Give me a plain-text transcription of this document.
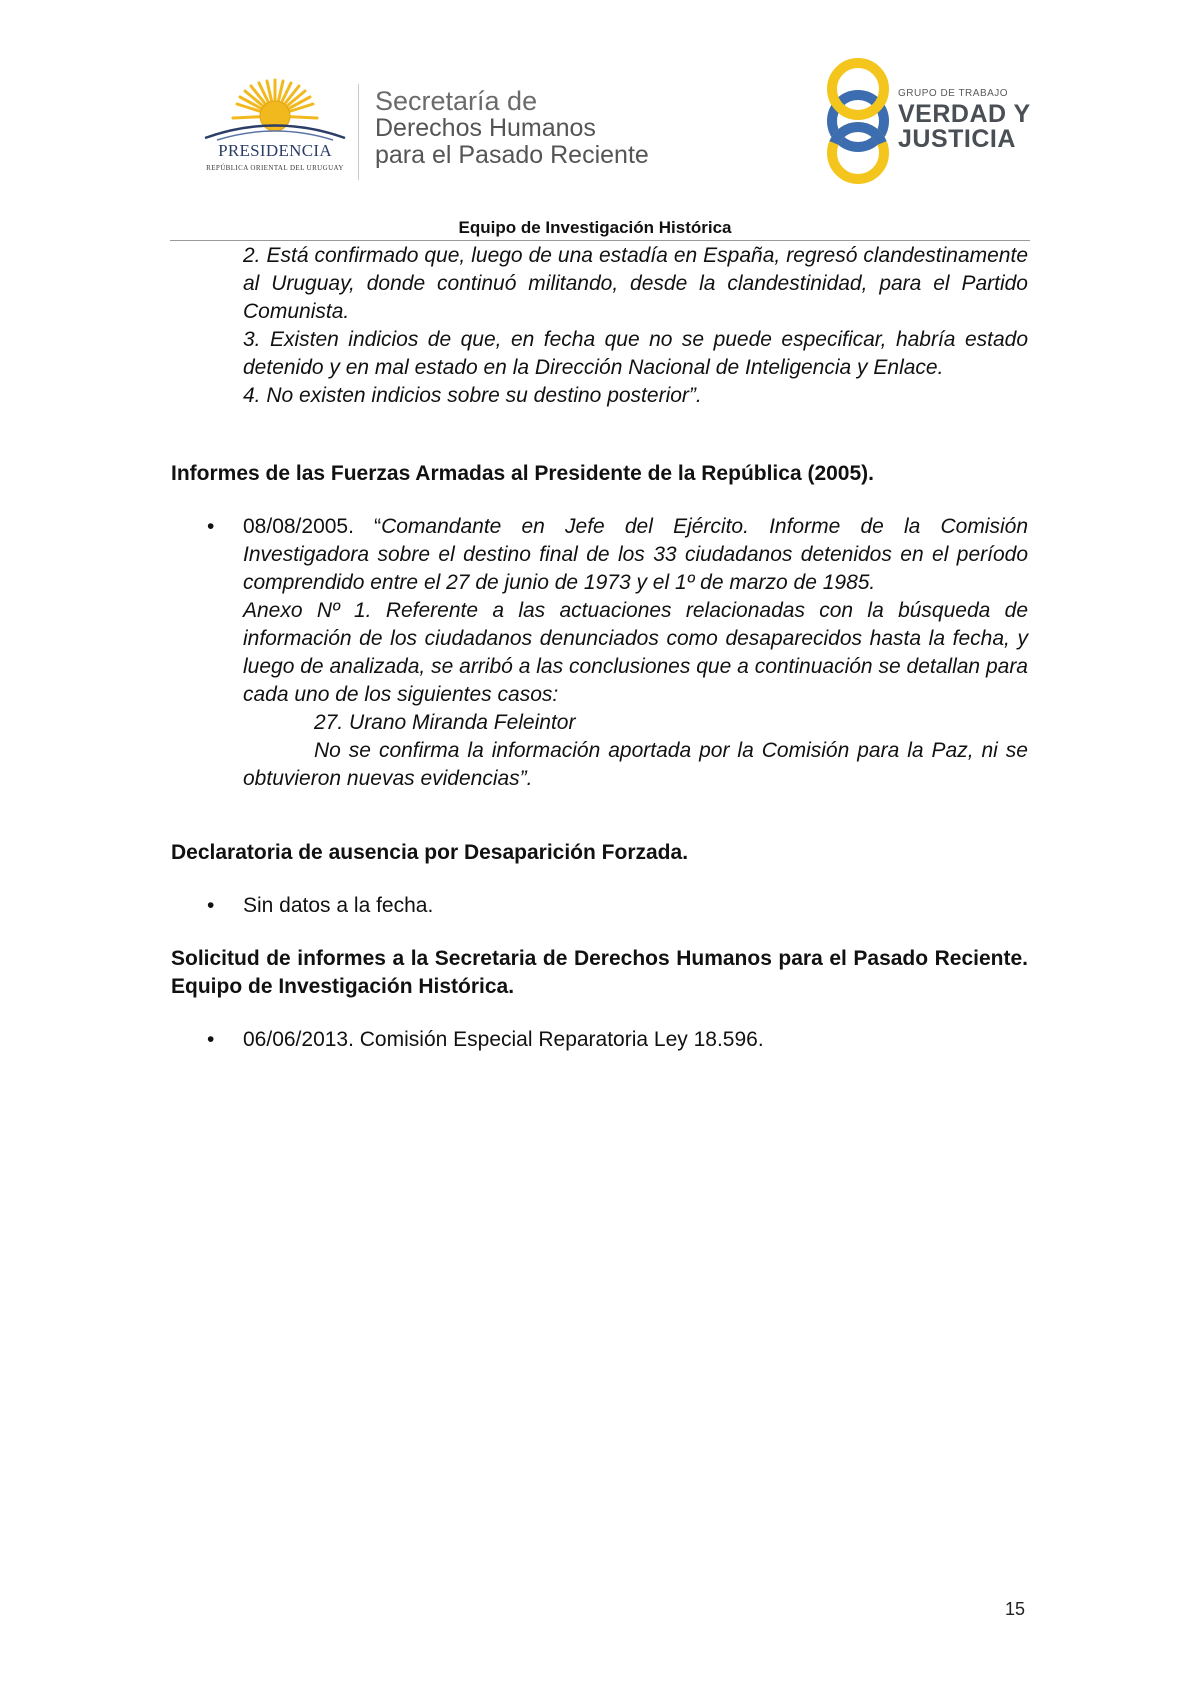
PRESIDENCIA
REPÚBLICA ORIENTAL DEL URUGUAY
Secretaría de
Derechos Humanos
para el Pasado Reciente
GRUPO DE TRABAJO
VERDAD Y
JUSTICIA
Equipo de Investigación Histórica

2. Está confirmado que, luego de una estadía en España, regresó clandestinamente al Uruguay, donde continuó militando, desde la clandestinidad, para el Partido Comunista.

3. Existen indicios de que, en fecha que no se puede especificar, habría estado detenido y en mal estado en la Dirección Nacional de Inteligencia y Enlace.

4. No existen indicios sobre su destino posterior”.

Informes de las Fuerzas Armadas al Presidente de la República (2005).
• 08/08/2005. “Comandante en Jefe del Ejército. Informe de la Comisión Investigadora sobre el destino final de los 33 ciudadanos detenidos en el período comprendido entre el 27 de junio de 1973 y el 1º de marzo de 1985.

Anexo Nº 1. Referente a las actuaciones relacionadas con la búsqueda de información de los ciudadanos denunciados como desaparecidos hasta la fecha, y luego de analizada, se arribó a las conclusiones que a continuación se detallan para cada uno de los siguientes casos:

27. Urano Miranda Feleintor

No se confirma la información aportada por la Comisión para la Paz, ni se obtuvieron nuevas evidencias”.

Declaratoria de ausencia por Desaparición Forzada.
• Sin datos a la fecha.
Solicitud de informes a la Secretaria de Derechos Humanos para el Pasado Reciente. Equipo de Investigación Histórica.
• 06/06/2013. Comisión Especial Reparatoria Ley 18.596.
15
